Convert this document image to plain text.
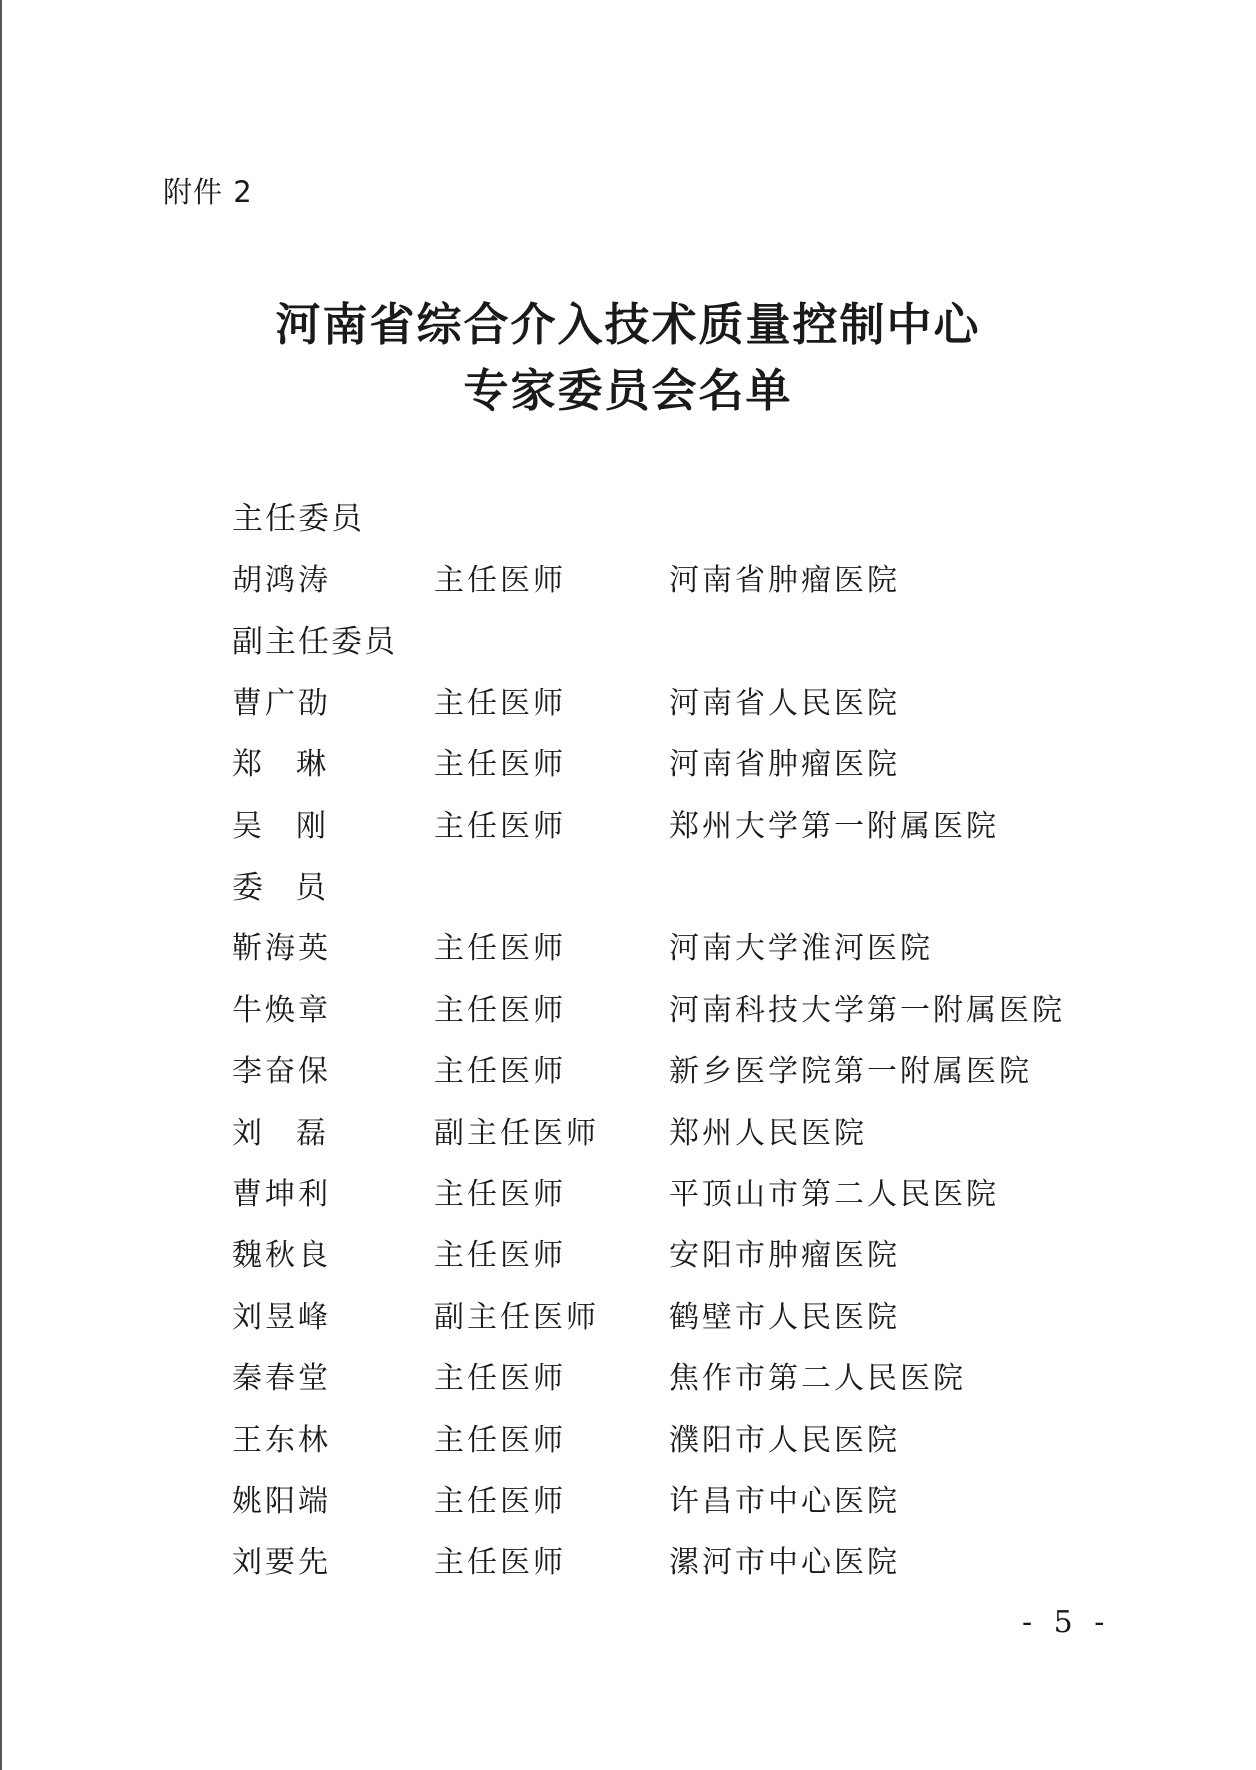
附件 2
河南省综合介入技术质量控制中心
专家委员会名单
主任委员
胡鸿涛	主任医师	河南省肿瘤医院
副主任委员
曹广劭	主任医师	河南省人民医院
郑琳	主任医师	河南省肿瘤医院
吴刚	主任医师	郑州大学第一附属医院
委员
靳海英	主任医师	河南大学淮河医院
牛焕章	主任医师	河南科技大学第一附属医院
李奋保	主任医师	新乡医学院第一附属医院
刘磊	副主任医师	郑州人民医院
曹坤利	主任医师	平顶山市第二人民医院
魏秋良	主任医师	安阳市肿瘤医院
刘昱峰	副主任医师	鹤壁市人民医院
秦春堂	主任医师	焦作市第二人民医院
王东林	主任医师	濮阳市人民医院
姚阳端	主任医师	许昌市中心医院
刘要先	主任医师	漯河市中心医院
- 5 -
